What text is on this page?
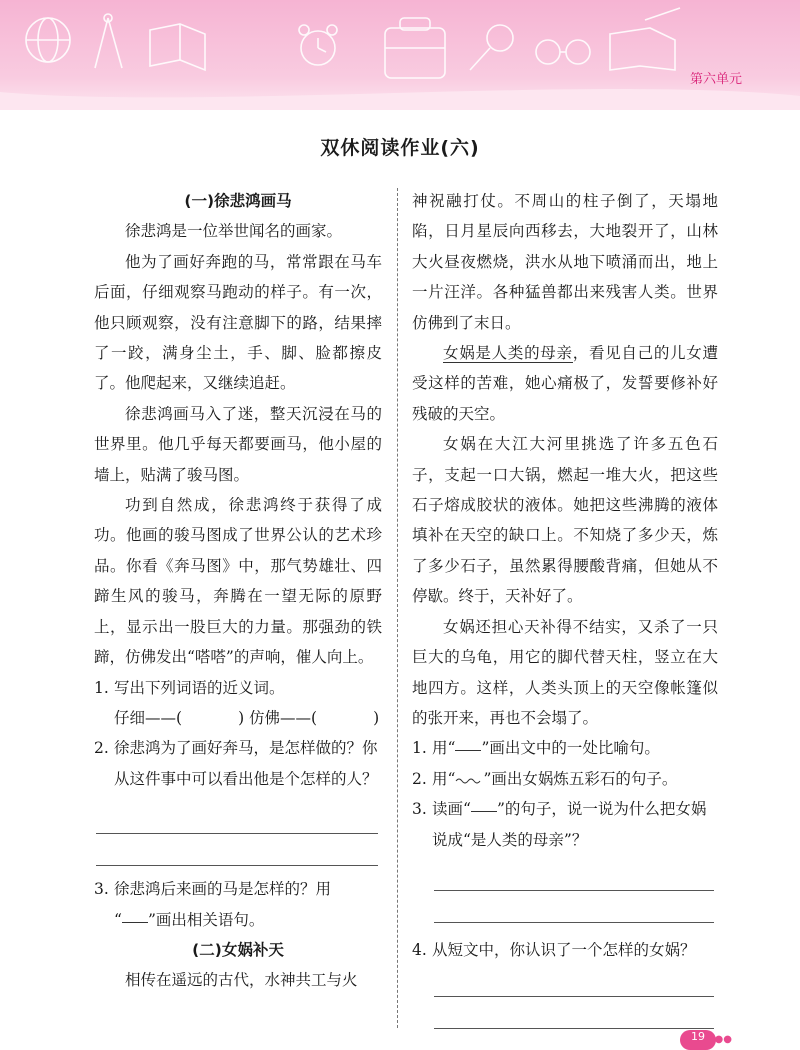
第六单元
双休阅读作业(六)
(一)徐悲鸿画马

徐悲鸿是一位举世闻名的画家。

他为了画好奔跑的马，常常跟在马车后面，仔细观察马跑动的样子。有一次，他只顾观察，没有注意脚下的路，结果摔了一跤，满身尘土，手、脚、脸都擦皮了。他爬起来，又继续追赶。

徐悲鸿画马入了迷，整天沉浸在马的世界里。他几乎每天都要画马，他小屋的墙上，贴满了骏马图。

功到自然成，徐悲鸿终于获得了成功。他画的骏马图成了世界公认的艺术珍品。你看《奔马图》中，那气势雄壮、四蹄生风的骏马，奔腾在一望无际的原野上，显示出一股巨大的力量。那强劲的铁蹄，仿佛发出“嗒嗒”的声响，催人向上。

1. 写出下列词语的近义词。
仔细——(	) 仿佛——(	)
2. 徐悲鸿为了画好奔马，是怎样做的？你从这件事中可以看出他是个怎样的人？
3. 徐悲鸿后来画的马是怎样的？用
“ ”画出相关语句。
(二)女娲补天

相传在遥远的古代，水神共工与火

神祝融打仗。不周山的柱子倒了，天塌地陷，日月星辰向西移去，大地裂开了，山林大火昼夜燃烧，洪水从地下喷涌而出，地上一片汪洋。各种猛兽都出来残害人类。世界仿佛到了末日。

女娲是人类的母亲，看见自己的儿女遭受这样的苦难，她心痛极了，发誓要修补好残破的天空。

女娲在大江大河里挑选了许多五色石子，支起一口大锅，燃起一堆大火，把这些石子熔成胶状的液体。她把这些沸腾的液体填补在天空的缺口上。不知烧了多少天，炼了多少石子，虽然累得腰酸背痛，但她从不停歇。终于，天补好了。

女娲还担心天补得不结实，又杀了一只巨大的乌龟，用它的脚代替天柱，竖立在大地四方。这样，人类头顶上的天空像帐篷似的张开来，再也不会塌了。

1. 用“ ”画出文中的一处比喻句。
2. 用“ ”画出女娲炼五彩石的句子。
3. 读画“ ”的句子，说一说为什么把女娲说成“是人类的母亲”？
4. 从短文中，你认识了一个怎样的女娲？
19 ●●
